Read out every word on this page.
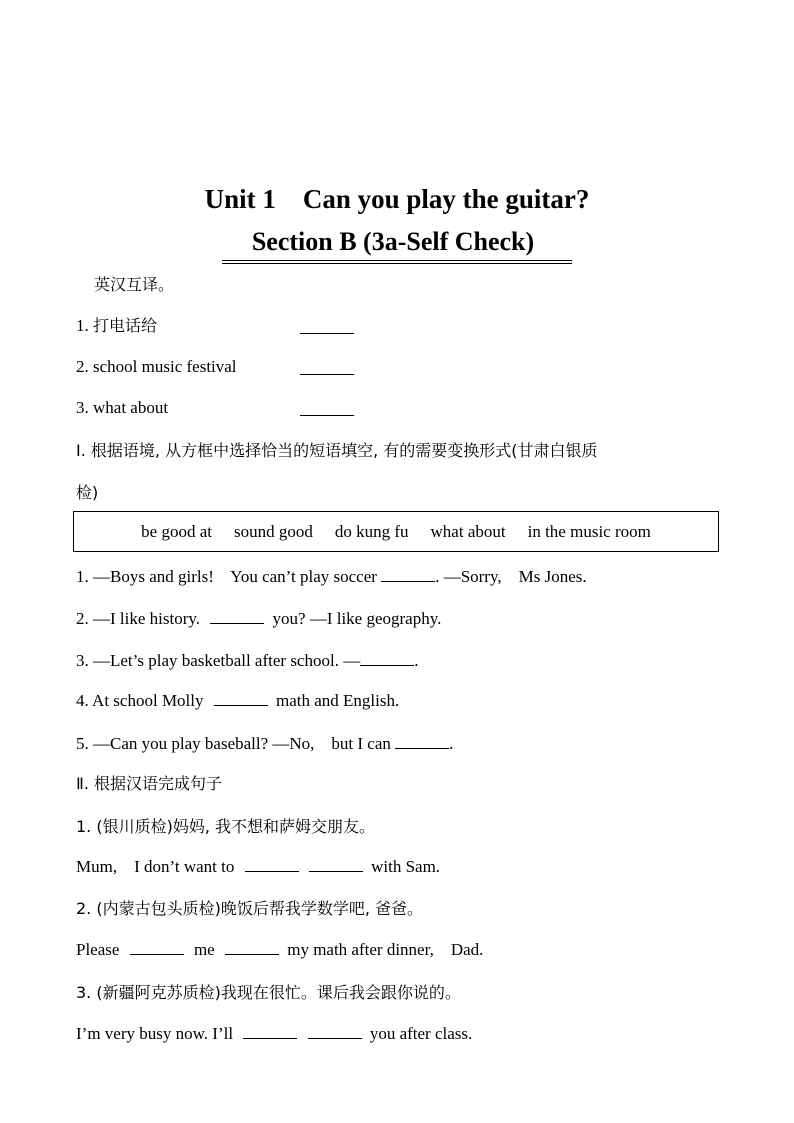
Unit 1    Can you play the guitar?
Section B (3a-Self Check)
英汉互译。
1. 打电话给
2. school music festival
3. what about
Ⅰ. 根据语境, 从方框中选择恰当的短语填空, 有的需要变换形式(甘肃白银质
检)
be good at sound good do kung fu what about in the music room
1. —Boys and girls!    You can’t play soccer	. —Sorry,    Ms Jones.
2. —I like history.	you? —I like geography.
3. —Let’s play basketball after school. —	.
4. At school Molly	math and English.
5. —Can you play baseball? —No,    but I can	.
Ⅱ. 根据汉语完成句子
1. (银川质检)妈妈, 我不想和萨姆交朋友。
Mum,    I don’t want to	with Sam.
2. (内蒙古包头质检)晚饭后帮我学数学吧, 爸爸。
Please	me	my math after dinner,    Dad.
3. (新疆阿克苏质检)我现在很忙。课后我会跟你说的。
I’m very busy now. I’ll	you after class.
